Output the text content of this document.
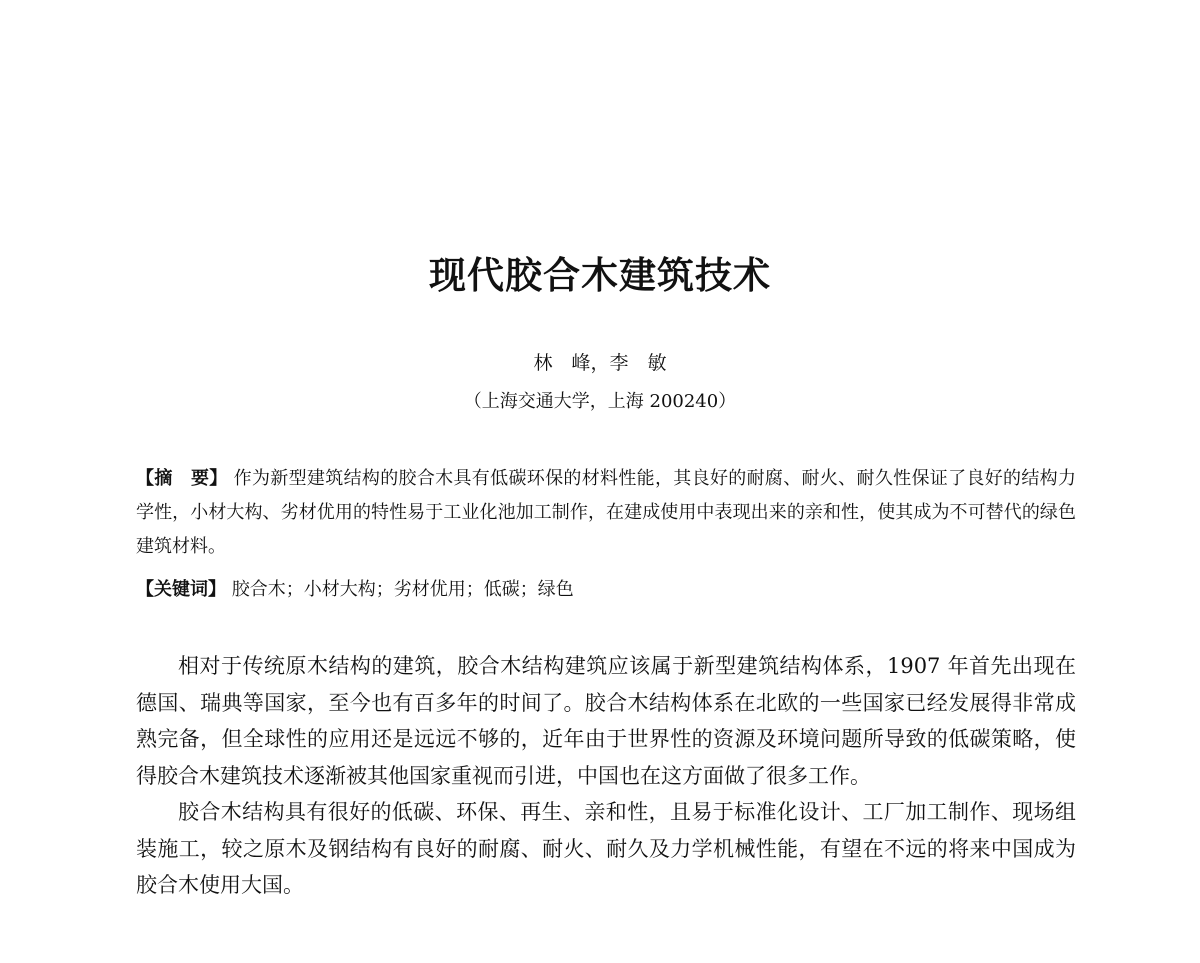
现代胶合木建筑技术
林　峰，李　敏
（上海交通大学，上海 200240）
【摘　要】 作为新型建筑结构的胶合木具有低碳环保的材料性能，其良好的耐腐、耐火、耐久性保证了良好的结构力学性，小材大构、劣材优用的特性易于工业化池加工制作，在建成使用中表现出来的亲和性，使其成为不可替代的绿色建筑材料。
【关键词】 胶合木；小材大构；劣材优用；低碳；绿色

相对于传统原木结构的建筑，胶合木结构建筑应该属于新型建筑结构体系，1907 年首先出现在德国、瑞典等国家，至今也有百多年的时间了。胶合木结构体系在北欧的一些国家已经发展得非常成熟完备，但全球性的应用还是远远不够的，近年由于世界性的资源及环境问题所导致的低碳策略，使得胶合木建筑技术逐渐被其他国家重视而引进，中国也在这方面做了很多工作。

胶合木结构具有很好的低碳、环保、再生、亲和性，且易于标准化设计、工厂加工制作、现场组装施工，较之原木及钢结构有良好的耐腐、耐火、耐久及力学机械性能，有望在不远的将来中国成为胶合木使用大国。
